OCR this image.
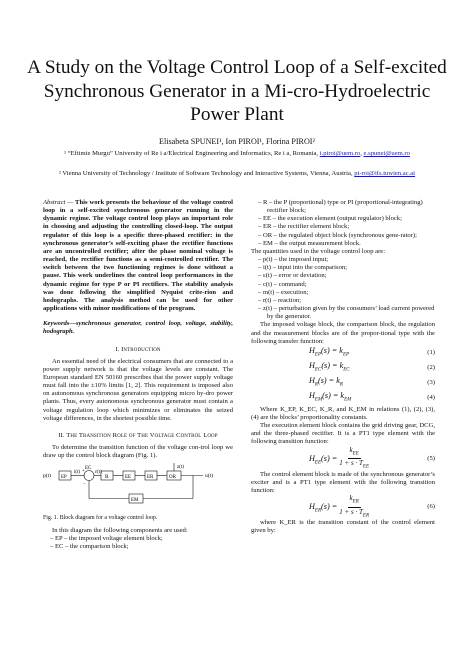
A Study on the Voltage Control Loop of a Self-excited Synchronous Generator in a Mi-cro-Hydroelectric Power Plant
Elisabeta SPUNEI¹, Ion PIROI¹, Florina PIROI²
¹ “Eftimie Murgu” University of Re i a/Electrical Engineering and Informatics, Re i a, Romania, i.piroi@uem.ro, e.spunei@uem.ro
² Vienna University of Technology / Institute of Software Technology and Interactive Systems, Vienna, Austria, pi-roi@ifs.tuwien.ac.at
Abstract — This work presents the behaviour of the voltage control loop in a self-excited synchronous generator running in the dynamic regime. The voltage control loop plays an important role in choosing and adjusting the controlling closed-loop. The output regulator of this loop is a specific three-phased rectifier: in the synchronous generator’s self-exciting phase the rectifier functions are an uncontrolled rectifier; after the phase nominal voltage is reached, the rectifier functions as a semi-controlled rectifier. The switch between the two functioning regimes is done without a pause. This work underlines the control loop performances in the dynamic regime for type P or PI rectifiers. The stability analysis was done following the simplified Nyquist crite-rion and hodographs. The analysis method can be used for other applications with minor modifications of the program.
Keywords—synchronous generator, control loop, voltage, stability, hodograph.
I. Introduction

An essential need of the electrical consumers that are connected to a power supply network is that the voltage levels are constant. The European standard EN 50160 prescribes that the power supply voltage must fall into the ±10% limits [1, 2]. This requirement is imposed also on autonomous synchronous generators equipping micro hy-dro power plants. Thus, every autonomous synchronous generator must contain a voltage regulation loop which minimizes or eliminates the seized voltage differences, in the shortest possible time.

II. The Transition Role of The Voltage Control Loop

To determine the transition function of the voltage con-trol loop we draw up the control block diagram (Fig. 1).

p(t) EP
i(t)
EC
ε(t)
R	EE	ER	OR
EM
u(t)
+
−
z(t)
Fig. 1. Block diagram for a voltage control loop.

In this diagram the following components are used:

– EP – the imposed voltage element block;
– EC – the comparison block;
– R – the P (proportional) type or PI (proportional-integrating) rectifier block;
– EE – the execution element (output regulator) block;
– ER – the rectifier element block;
– OR – the regulated object block (synchronous gene-rator);
– EM – the output measurement block.

The quantities used in the voltage control loop are:

– p(t) – the imposed input;
– i(t) – input into the comparison;
– ε(t) – error or deviation;
– c(t) – command;
– m(t) – execution;
– r(t) – reaction;
– z(t) – perturbation given by the consumers’ load current powered by the generator.

The imposed voltage block, the comparison block, the regulation and the measurement blocks are of the propor-tional type with the following transfer function:

$H_{EP}(s) = k_{EP}$	(1)
$H_{EC}(s) = k_{EC}$	(2)
$H_R(s) = k_R$	(3)
$H_{EM}(s) = k_{EM}$	(4)

Where K_EP, K_EC, K_R, and K_EM in relations (1), (2), (3), (4) are the blocks’ proportionality constants.

The execution element block contains the grid driving gear, DCG, and the three-phased rectifier. It is a PT1 type element with the following transition function:

$H_{EE}(s) = \frac{k_{EE}}{1 + s \cdot T_{EE}}$	(5)

The control element block is made of the synchronous generator’s exciter and is a PT1 type element with the following transition function:

$H_{ER}(s) = \frac{k_{ER}}{1 + s \cdot T_{ER}}$	(6)

where K_ER is the transition constant of the control element given by:
